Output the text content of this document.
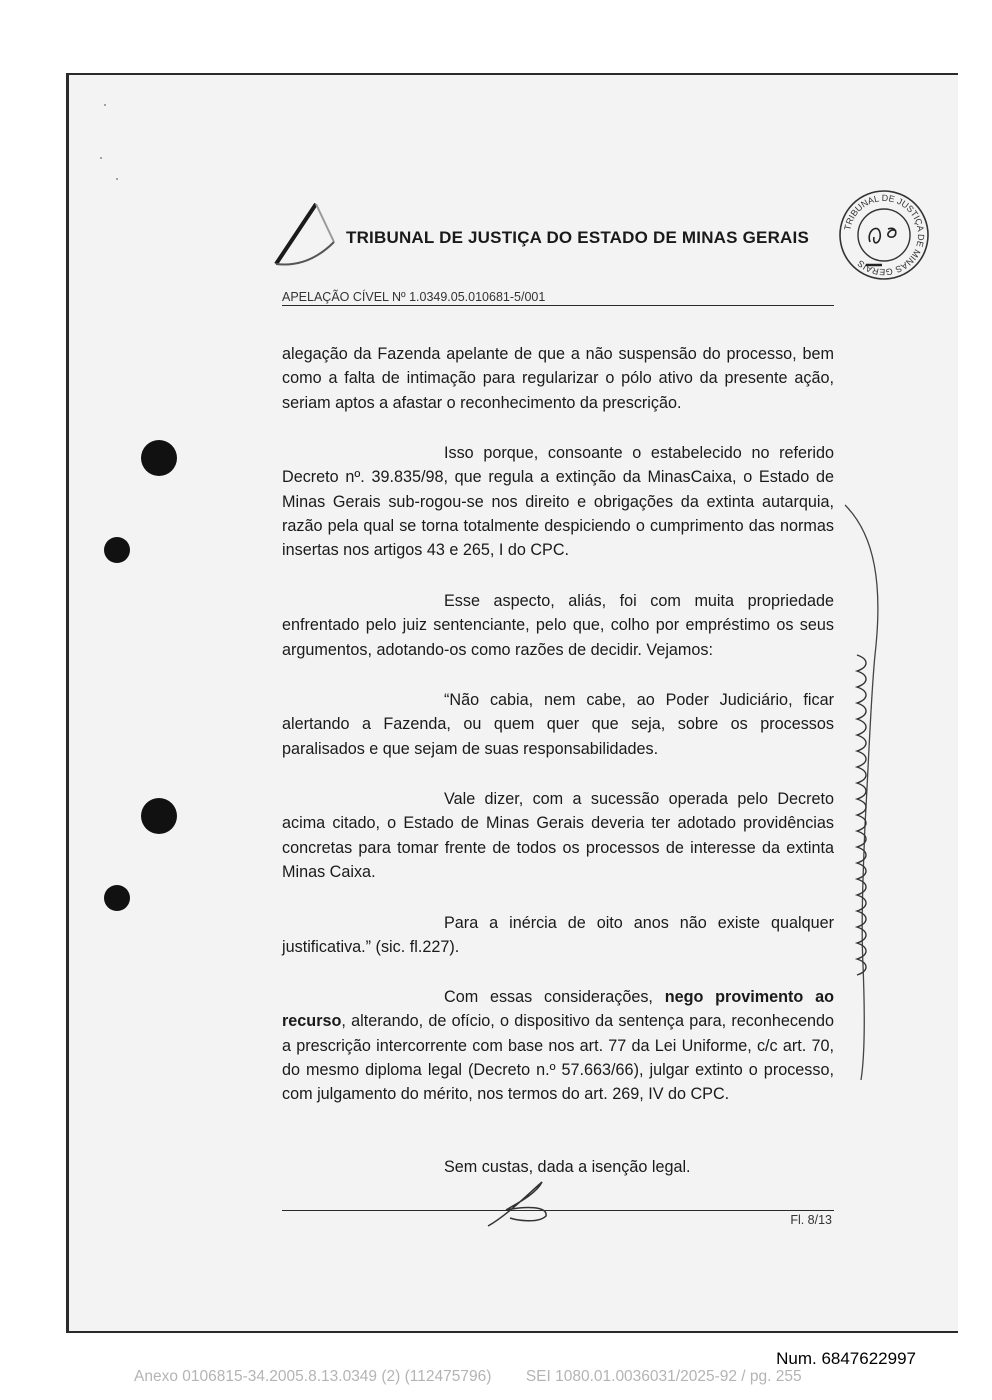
TRIBUNAL DE JUSTIÇA DO ESTADO DE MINAS GERAIS
TRIBUNAL DE JUSTIÇA DE MINAS GERAIS
APELAÇÃO CÍVEL Nº 1.0349.05.010681-5/001

alegação da Fazenda apelante de que a não suspensão do processo, bem como a falta de intimação para regularizar o pólo ativo da presente ação, seriam aptos a afastar o reconhecimento da prescrição.

Isso porque, consoante o estabelecido no referido Decreto nº. 39.835/98, que regula a extinção da MinasCaixa, o Estado de Minas Gerais sub-rogou-se nos direito e obrigações da extinta autarquia, razão pela qual se torna totalmente despiciendo o cumprimento das normas insertas nos artigos 43 e 265, I do CPC.

Esse aspecto, aliás, foi com muita propriedade enfrentado pelo juiz sentenciante, pelo que, colho por empréstimo os seus argumentos, adotando-os como razões de decidir. Vejamos:

“Não cabia, nem cabe, ao Poder Judiciário, ficar alertando a Fazenda, ou quem quer que seja, sobre os processos paralisados e que sejam de suas responsabilidades.

Vale dizer, com a sucessão operada pelo Decreto acima citado, o Estado de Minas Gerais deveria ter adotado providências concretas para tomar frente de todos os processos de interesse da extinta Minas Caixa.

Para a inércia de oito anos não existe qualquer justificativa.” (sic. fl.227).

Com essas considerações, nego provimento ao recurso, alterando, de ofício, o dispositivo da sentença para, reconhecendo a prescrição intercorrente com base nos art. 77 da Lei Uniforme, c/c art. 70, do mesmo diploma legal (Decreto n.º 57.663/66), julgar extinto o processo, com julgamento do mérito, nos termos do art. 269, IV do CPC.

Sem custas, dada a isenção legal.

Fl. 8/13
Num. 6847622997
Anexo 0106815-34.2005.8.13.0349 (2) (112475796)        SEI 1080.01.0036031/2025-92 / pg. 255
